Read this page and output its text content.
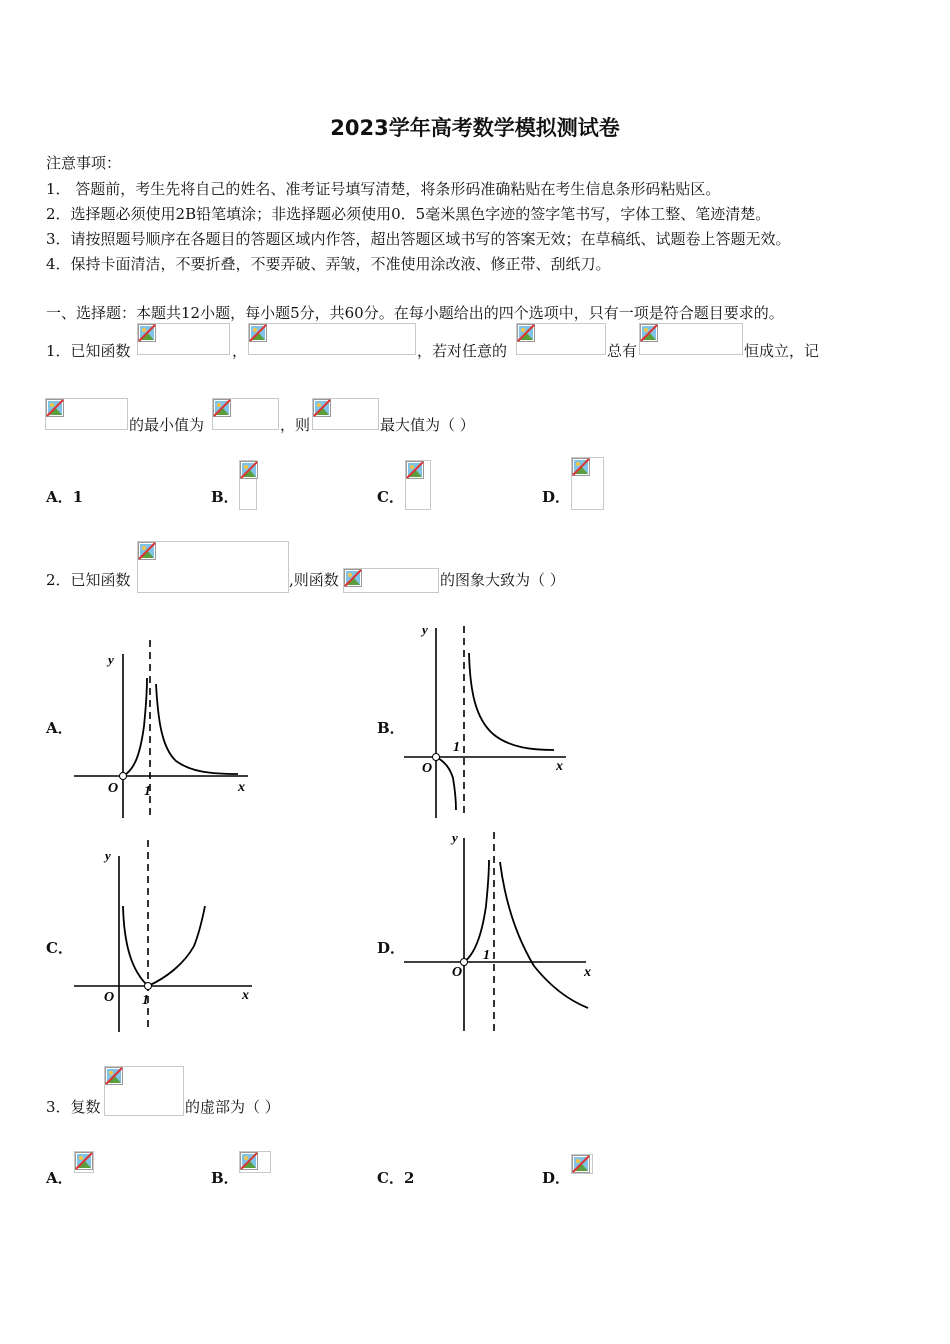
2023学年高考数学模拟测试卷
注意事项：
1． 答题前，考生先将自己的姓名、准考证号填写清楚，将条形码准确粘贴在考生信息条形码粘贴区。
2．选择题必须使用2B铅笔填涂；非选择题必须使用0．5毫米黑色字迹的签字笔书写，字体工整、笔迹清楚。
3．请按照题号顺序在各题目的答题区域内作答，超出答题区域书写的答案无效；在草稿纸、试题卷上答题无效。
4．保持卡面清洁，不要折叠，不要弄破、弄皱，不准使用涂改液、修正带、刮纸刀。
一、选择题：本题共12小题，每小题5分，共60分。在每小题给出的四个选项中，只有一项是符合题目要求的。
1．已知函数	，	，若对任意的	总有	恒成立，记
的最小值为	，则	最大值为（ ）
A．1	B．	C．	D．
2．已知函数	,则函数	的图象大致为（ ）
A．	B．
C．	D．
y
x
O 1
y
x
O
1
y
x
O 1
y
x
O
1
3．复数	的虚部为（ ）
A．	B．	C．2	D．
